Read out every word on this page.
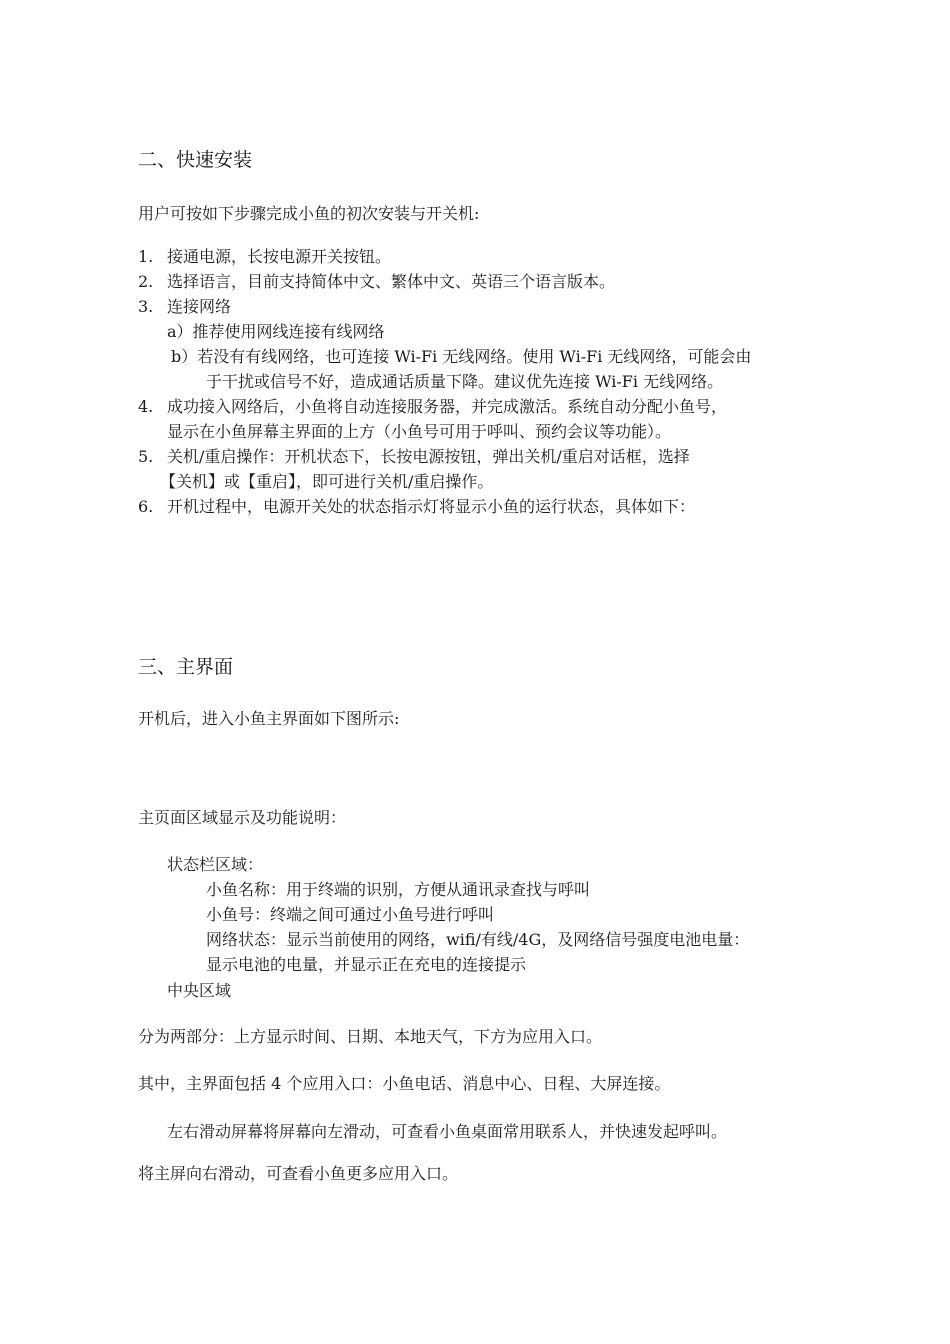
二、快速安装
用户可按如下步骤完成小鱼的初次安装与开关机:
1. 接通电源，长按电源开关按钮。
2. 选择语言，目前支持简体中文、繁体中文、英语三个语言版本。
3. 连接网络
a）推荐使用网线连接有线网络
b）若没有有线网络，也可连接 Wi-Fi 无线网络。使用 Wi-Fi 无线网络，可能会由
于干扰或信号不好，造成通话质量下降。建议优先连接 Wi-Fi 无线网络。
4. 成功接入网络后，小鱼将自动连接服务器，并完成激活。系统自动分配小鱼号，
显示在小鱼屏幕主界面的上方（小鱼号可用于呼叫、预约会议等功能）。
5. 关机/重启操作：开机状态下，长按电源按钮，弹出关机/重启对话框，选择
【关机】或【重启】，即可进行关机/重启操作。
6. 开机过程中，电源开关处的状态指示灯将显示小鱼的运行状态，具体如下：
三、主界面
开机后，进入小鱼主界面如下图所示:
主页面区域显示及功能说明：
状态栏区域：
小鱼名称：用于终端的识别，方便从通讯录查找与呼叫
小鱼号：终端之间可通过小鱼号进行呼叫
网络状态：显示当前使用的网络，wifi/有线/4G，及网络信号强度电池电量：
显示电池的电量，并显示正在充电的连接提示
中央区域
分为两部分：上方显示时间、日期、本地天气，下方为应用入口。
其中，主界面包括 4 个应用入口：小鱼电话、消息中心、日程、大屏连接。
左右滑动屏幕将屏幕向左滑动，可查看小鱼桌面常用联系人，并快速发起呼叫。
将主屏向右滑动，可查看小鱼更多应用入口。
